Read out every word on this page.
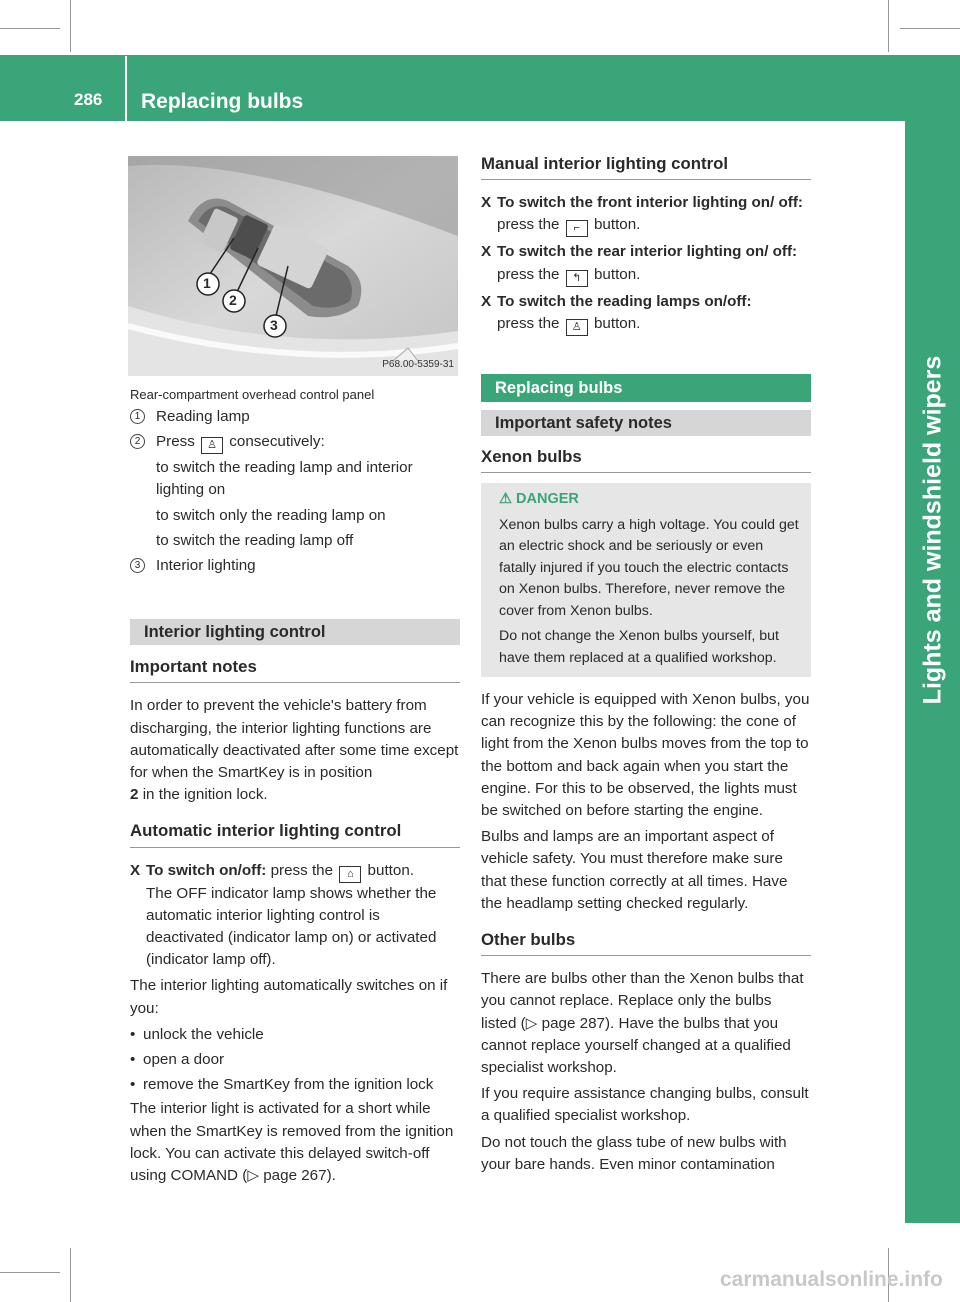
286 Replacing bulbs
Lights and windshield wipers
1
2
3
P68.00-5359-31

Rear-compartment overhead control panel

1	Reading lamp
2	Press ♙ consecutively:

to switch the reading lamp and interior lighting on

to switch only the reading lamp on

to switch the reading lamp off

3	Interior lighting
Interior lighting control
Important notes

In order to prevent the vehicle's battery from discharging, the interior lighting functions are automatically deactivated after some time except for when the SmartKey is in position
2 in the ignition lock.

Automatic interior lighting control
X To switch on/off: press the ⌂ button.

The OFF indicator lamp shows whether the automatic interior lighting control is deactivated (indicator lamp on) or activated (indicator lamp off).

The interior lighting automatically switches on if you:

• unlock the vehicle
• open a door
• remove the SmartKey from the ignition lock

The interior light is activated for a short while when the SmartKey is removed from the ignition lock. You can activate this delayed switch-off using COMAND (▷ page 267).

Manual interior lighting control
X To switch the front interior lighting on/ off: press the ⌐ button.
X To switch the rear interior lighting on/ off: press the ↰ button.
X To switch the reading lamps on/off:
press the ♙ button.
Replacing bulbs
Important safety notes
Xenon bulbs
⚠ DANGER

Xenon bulbs carry a high voltage. You could get an electric shock and be seriously or even fatally injured if you touch the electric contacts on Xenon bulbs. Therefore, never remove the cover from Xenon bulbs.

Do not change the Xenon bulbs yourself, but have them replaced at a qualified workshop.

If your vehicle is equipped with Xenon bulbs, you can recognize this by the following: the cone of light from the Xenon bulbs moves from the top to the bottom and back again when you start the engine. For this to be observed, the lights must be switched on before starting the engine.

Bulbs and lamps are an important aspect of vehicle safety. You must therefore make sure that these function correctly at all times. Have the headlamp setting checked regularly.

Other bulbs

There are bulbs other than the Xenon bulbs that you cannot replace. Replace only the bulbs listed (▷ page 287). Have the bulbs that you cannot replace yourself changed at a qualified specialist workshop.

If you require assistance changing bulbs, consult a qualified specialist workshop.

Do not touch the glass tube of new bulbs with your bare hands. Even minor contamination

carmanualsonline.info
